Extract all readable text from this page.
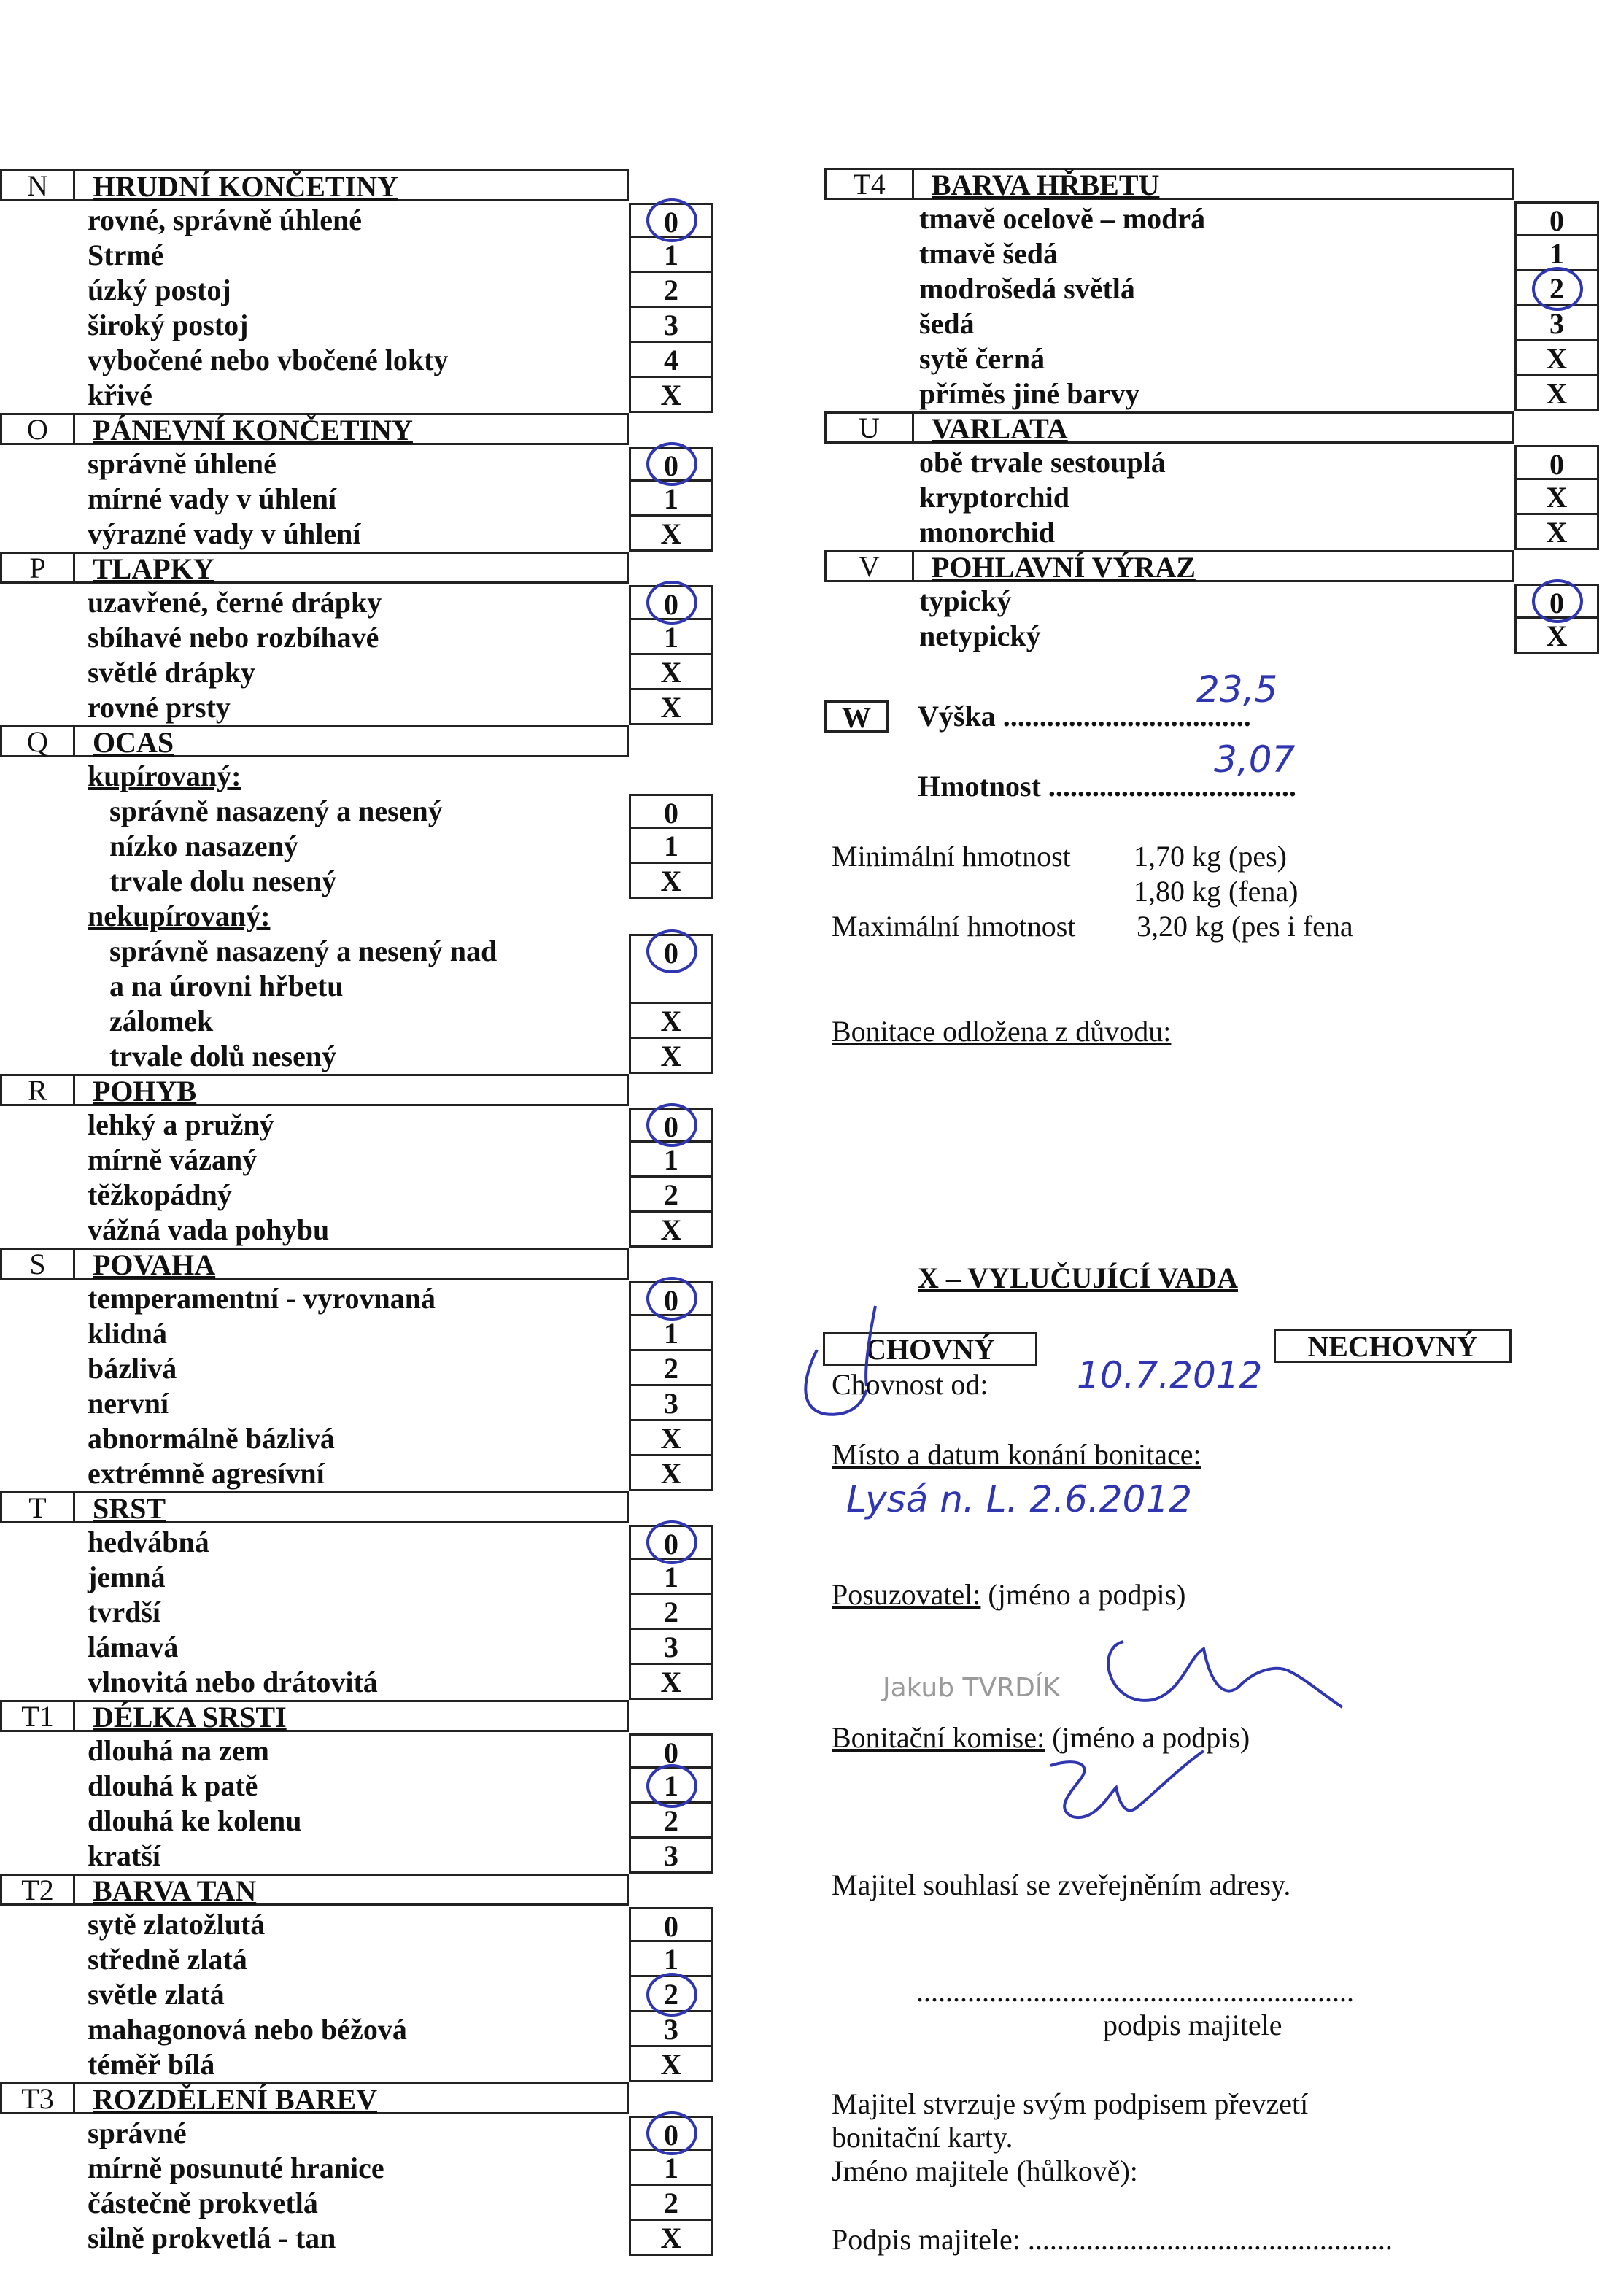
N	HRUDNÍ KONČETINY
rovné, správně úhlené	0
Strmé	1
úzký postoj	2
široký postoj	3
vybočené nebo vbočené lokty	4
křivé	X
O	PÁNEVNÍ KONČETINY
správně úhlené	0
mírné vady v úhlení	1
výrazné vady v úhlení	X
P	TLAPKY
uzavřené, černé drápky	0
sbíhavé nebo rozbíhavé	1
světlé drápky	X
rovné prsty	X
Q	OCAS
kupírovaný:
správně nasazený a nesený	0
nízko nasazený	1
trvale dolu nesený	X
nekupírovaný:
správně nasazený a nesený nad	0
a na úrovni hřbetu
zálomek	X
trvale dolů nesený	X
R	POHYB
lehký a pružný	0
mírně vázaný	1
těžkopádný	2
vážná vada pohybu	X
S	POVAHA
temperamentní - vyrovnaná	0
klidná	1
bázlivá	2
nervní	3
abnormálně bázlivá	X
extrémně agresívní	X
T	SRST
hedvábná	0
jemná	1
tvrdší	2
lámavá	3
vlnovitá nebo drátovitá	X
T1	DÉLKA SRSTI
dlouhá na zem	0
dlouhá k patě	1
dlouhá ke kolenu	2
kratší	3
T2	BARVA TAN
sytě zlatožlutá	0
středně zlatá	1
světle zlatá	2
mahagonová nebo béžová	3
téměř bílá	X
T3	ROZDĚLENÍ BAREV
správné	0
mírně posunuté hranice	1
částečně prokvetlá	2
silně prokvetlá - tan	X
T4	BARVA HŘBETU
tmavě ocelově – modrá	0
tmavě šedá	1
modrošedá světlá	2
šedá	3
sytě černá	X
příměs jiné barvy	X
U	VARLATA
obě trvale sestouplá	0
kryptorchid	X
monorchid	X
V	POHLAVNÍ VÝRAZ
typický	0
netypický	X
W	Výška ..................................
23,5
Hmotnost ..................................
3,07
Minimální hmotnost 1,70 kg (pes)
1,80 kg (fena)
Maximální hmotnost 3,20 kg (pes i fena
Bonitace odložena z důvodu:
X – VYLUČUJÍCÍ VADA
CHOVNÝ	NECHOVNÝ
Chovnost od: 10.7.2012
Místo a datum konání bonitace:
Lysá n. L. 2.6.2012
Posuzovatel: (jméno a podpis)
Jakub TVRDÍK
Bonitační komise: (jméno a podpis)
Majitel souhlasí se zveřejněním adresy.
............................................................
podpis majitele
Majitel stvrzuje svým podpisem převzetí
bonitační karty.
Jméno majitele (hůlkově):
Podpis majitele: ..................................................
